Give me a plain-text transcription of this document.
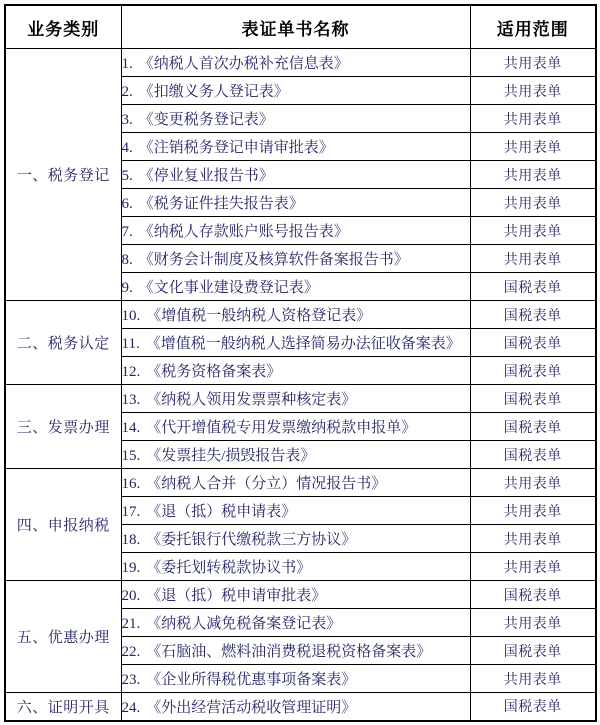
业务类别	表证单书名称	适用范围
一、税务登记	1. 《纳税人首次办税补充信息表》	共用表单
	2. 《扣缴义务人登记表》	共用表单
	3. 《变更税务登记表》	共用表单
	4. 《注销税务登记申请审批表》	共用表单
	5. 《停业复业报告书》	共用表单
	6. 《税务证件挂失报告表》	共用表单
	7. 《纳税人存款账户账号报告表》	共用表单
	8. 《财务会计制度及核算软件备案报告书》	共用表单
	9. 《文化事业建设费登记表》	国税表单
二、税务认定	10. 《增值税一般纳税人资格登记表》	国税表单
	11. 《增值税一般纳税人选择简易办法征收备案表》	国税表单
	12. 《税务资格备案表》	国税表单
三、发票办理	13. 《纳税人领用发票票种核定表》	国税表单
	14. 《代开增值税专用发票缴纳税款申报单》	国税表单
	15. 《发票挂失/损毁报告表》	国税表单
四、申报纳税	16. 《纳税人合并（分立）情况报告书》	共用表单
	17. 《退（抵）税申请表》	共用表单
	18. 《委托银行代缴税款三方协议》	共用表单
	19. 《委托划转税款协议书》	共用表单
五、优惠办理	20. 《退（抵）税申请审批表》	国税表单
	21. 《纳税人减免税备案登记表》	共用表单
	22. 《石脑油、燃料油消费税退税资格备案表》	国税表单
	23. 《企业所得税优惠事项备案表》	共用表单
六、证明开具	24. 《外出经营活动税收管理证明》	国税表单
